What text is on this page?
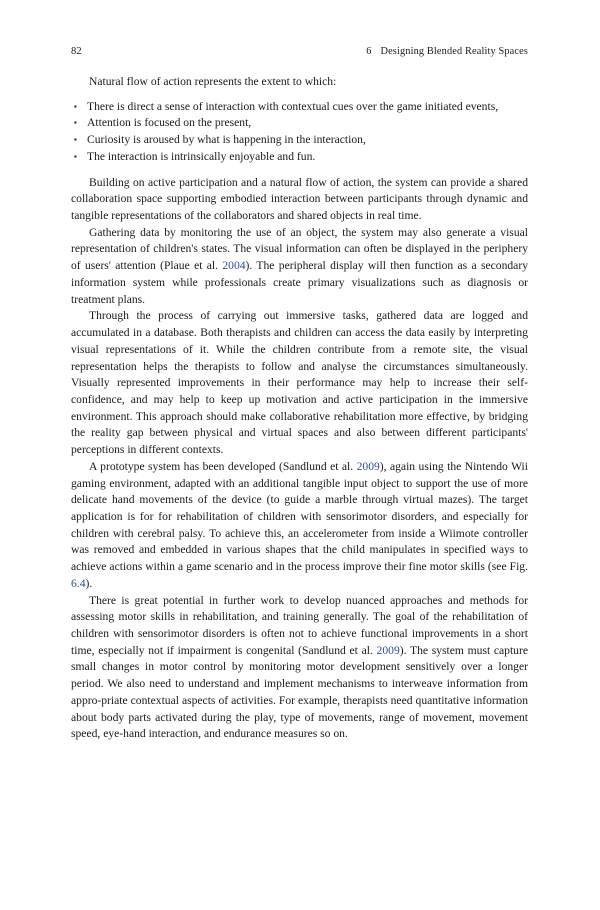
82	6 Designing Blended Reality Spaces

Natural flow of action represents the extent to which:

▪ There is direct a sense of interaction with contextual cues over the game initiated events,
▪ Attention is focused on the present,
▪ Curiosity is aroused by what is happening in the interaction,
▪ The interaction is intrinsically enjoyable and fun.

Building on active participation and a natural flow of action, the system can provide a shared collaboration space supporting embodied interaction between participants through dynamic and tangible representations of the collaborators and shared objects in real time.

Gathering data by monitoring the use of an object, the system may also generate a visual representation of children's states. The visual information can often be displayed in the periphery of users' attention (Plaue et al. 2004). The peripheral display will then function as a secondary information system while professionals create primary visualizations such as diagnosis or treatment plans.

Through the process of carrying out immersive tasks, gathered data are logged and accumulated in a database. Both therapists and children can access the data easily by interpreting visual representations of it. While the children contribute from a remote site, the visual representation helps the therapists to follow and analyse the circumstances simultaneously. Visually represented improvements in their performance may help to increase their self-confidence, and may help to keep up motivation and active participation in the immersive environment. This approach should make collaborative rehabilitation more effective, by bridging the reality gap between physical and virtual spaces and also between different participants' perceptions in different contexts.

A prototype system has been developed (Sandlund et al. 2009), again using the Nintendo Wii gaming environment, adapted with an additional tangible input object to support the use of more delicate hand movements of the device (to guide a marble through virtual mazes). The target application is for for rehabilitation of children with sensorimotor disorders, and especially for children with cerebral palsy. To achieve this, an accelerometer from inside a Wiimote controller was removed and embedded in various shapes that the child manipulates in specified ways to achieve actions within a game scenario and in the process improve their fine motor skills (see Fig. 6.4).

There is great potential in further work to develop nuanced approaches and methods for assessing motor skills in rehabilitation, and training generally. The goal of the rehabilitation of children with sensorimotor disorders is often not to achieve functional improvements in a short time, especially not if impairment is congenital (Sandlund et al. 2009). The system must capture small changes in motor control by monitoring motor development sensitively over a longer period. We also need to understand and implement mechanisms to interweave information from appro-priate contextual aspects of activities. For example, therapists need quantitative information about body parts activated during the play, type of movements, range of movement, movement speed, eye-hand interaction, and endurance measures so on.
